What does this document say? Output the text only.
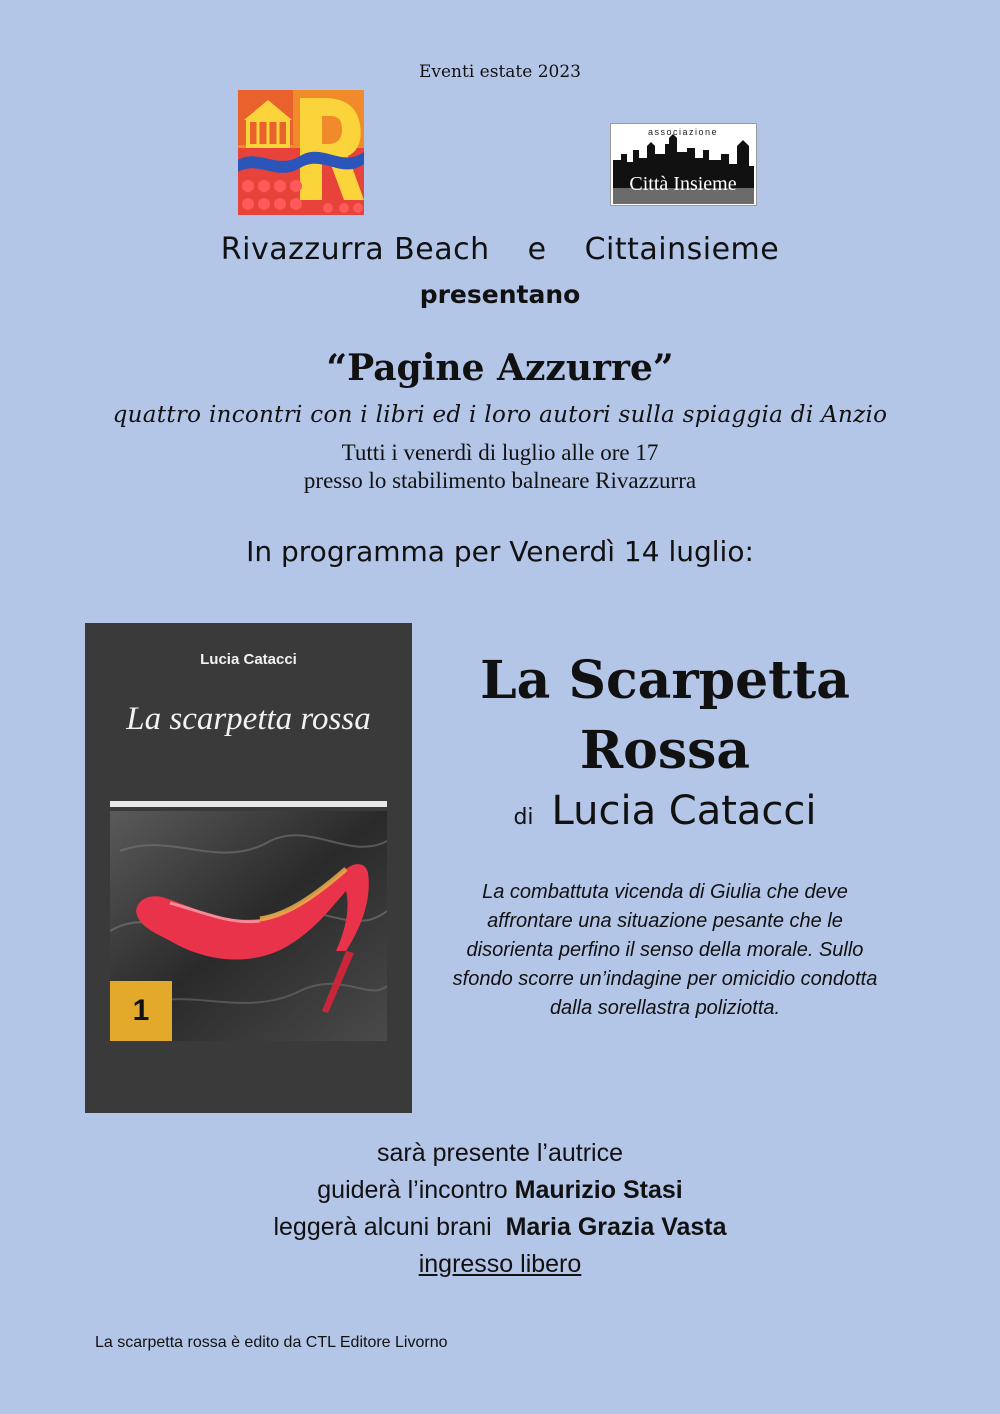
Eventi estate 2023
associazione
Città Insieme
Rivazzurra Beach e Cittainsieme
presentano
“Pagine Azzurre”
quattro incontri con i libri ed i loro autori sulla spiaggia di Anzio
Tutti i venerdì di luglio alle ore 17
presso lo stabilimento balneare Rivazzurra
In programma per Venerdì 14 luglio:
Lucia Catacci
La scarpetta rossa
1
La Scarpetta
Rossa
di Lucia Catacci
La combattuta vicenda di Giulia che deve
affrontare una situazione pesante che le
disorienta perfino il senso della morale. Sullo
sfondo scorre un’indagine per omicidio condotta
dalla sorellastra poliziotta.
sarà presente l’autrice
guiderà l’incontro Maurizio Stasi
leggerà alcuni brani Maria Grazia Vasta
ingresso libero
La scarpetta rossa è edito da CTL Editore Livorno
